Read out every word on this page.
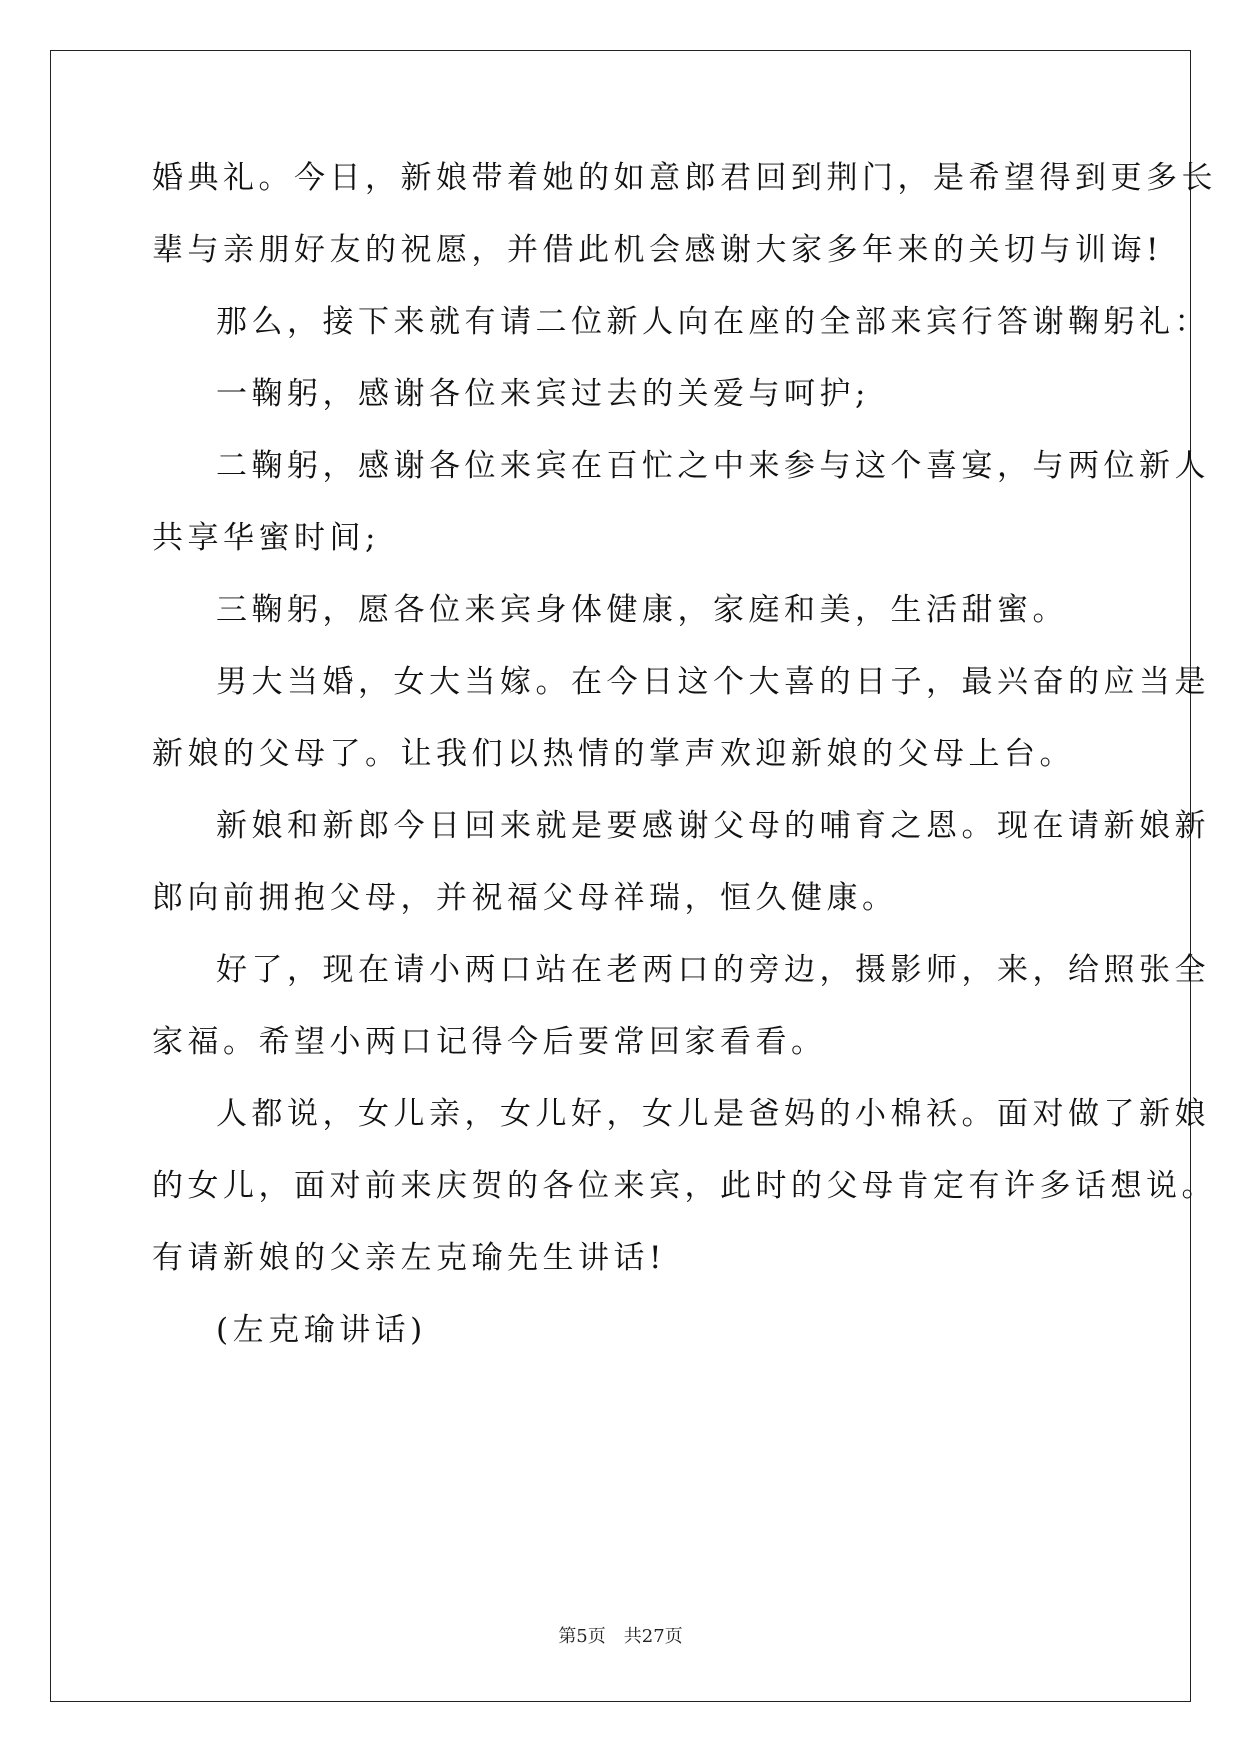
婚典礼。今日，新娘带着她的如意郎君回到荆门，是希望得到更多长
辈与亲朋好友的祝愿，并借此机会感谢大家多年来的关切与训诲!
那么，接下来就有请二位新人向在座的全部来宾行答谢鞠躬礼：
一鞠躬，感谢各位来宾过去的关爱与呵护;
二鞠躬，感谢各位来宾在百忙之中来参与这个喜宴，与两位新人
共享华蜜时间;
三鞠躬，愿各位来宾身体健康，家庭和美，生活甜蜜。
男大当婚，女大当嫁。在今日这个大喜的日子，最兴奋的应当是
新娘的父母了。让我们以热情的掌声欢迎新娘的父母上台。
新娘和新郎今日回来就是要感谢父母的哺育之恩。现在请新娘新
郎向前拥抱父母，并祝福父母祥瑞，恒久健康。
好了，现在请小两口站在老两口的旁边，摄影师，来，给照张全
家福。希望小两口记得今后要常回家看看。
人都说，女儿亲，女儿好，女儿是爸妈的小棉袄。面对做了新娘
的女儿，面对前来庆贺的各位来宾，此时的父母肯定有许多话想说。
有请新娘的父亲左克瑜先生讲话!
(左克瑜讲话)
第5页 共27页
